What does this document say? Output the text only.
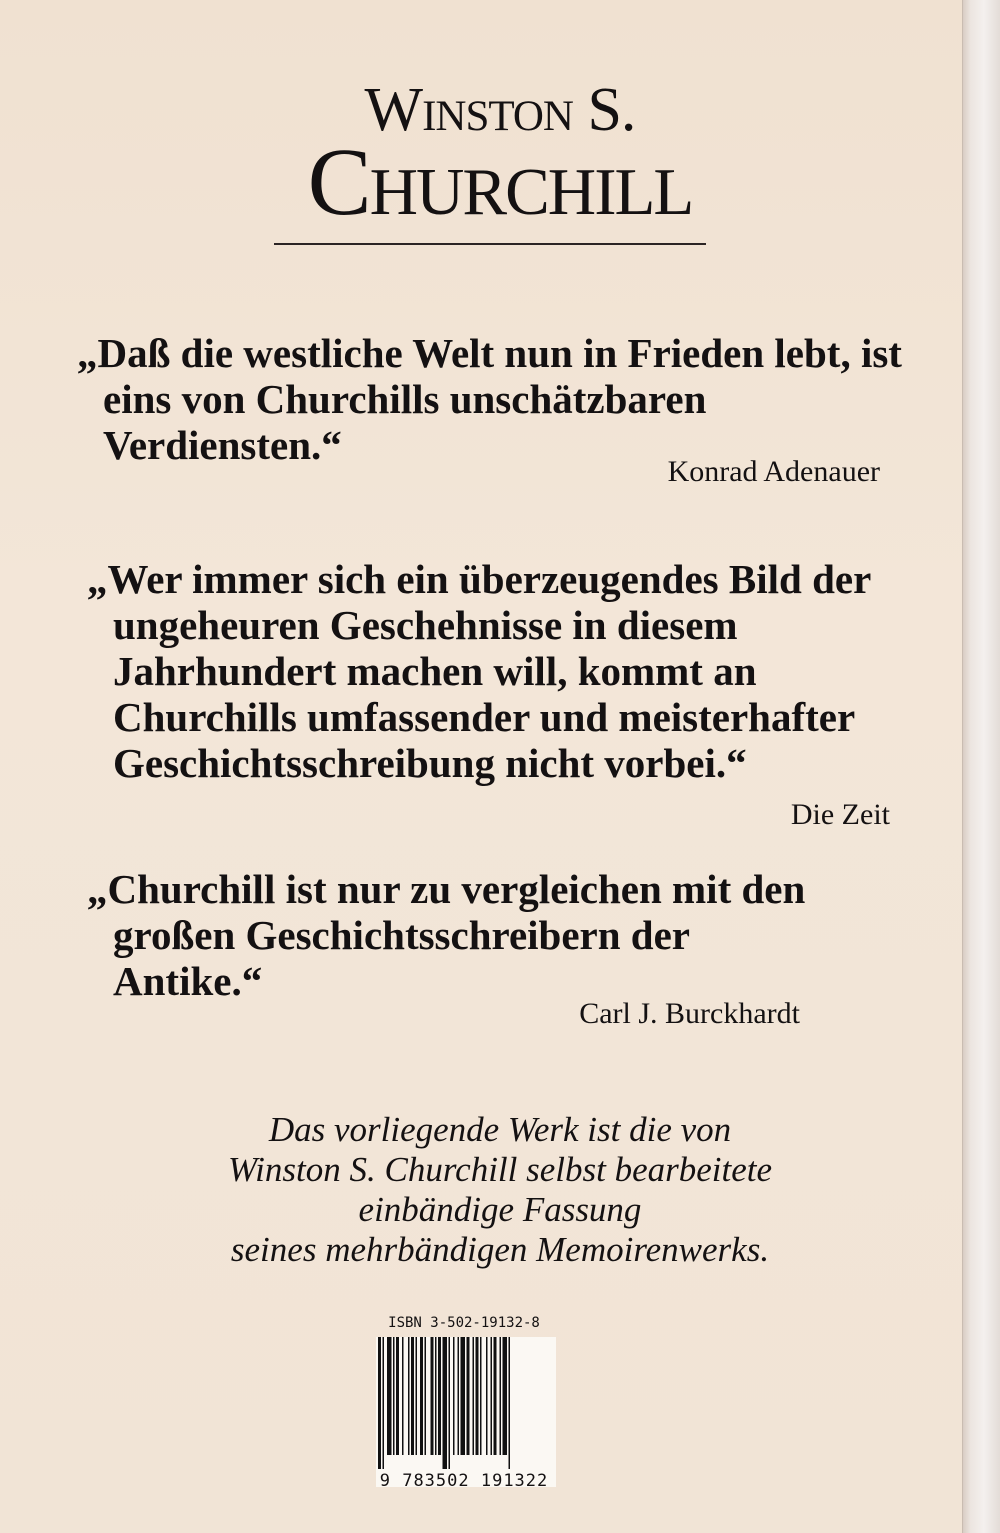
Winston S.
Churchill
„Daß die westliche Welt nun in Frieden lebt, ist eins von Churchills unschätzbaren Verdiensten.“
Konrad Adenauer
„Wer immer sich ein überzeugendes Bild der ungeheuren Geschehnisse in diesem Jahrhundert machen will, kommt an Churchills umfassender und meisterhafter Geschichtsschreibung nicht vorbei.“
Die Zeit
„Churchill ist nur zu vergleichen mit den großen Geschichtsschreibern der Antike.“
Carl J. Burckhardt
Das vorliegende Werk ist die von
Winston S. Churchill selbst bearbeitete
einbändige Fassung
seines mehrbändigen Memoirenwerks.
ISBN 3-502-19132-8
9 783502 191322
